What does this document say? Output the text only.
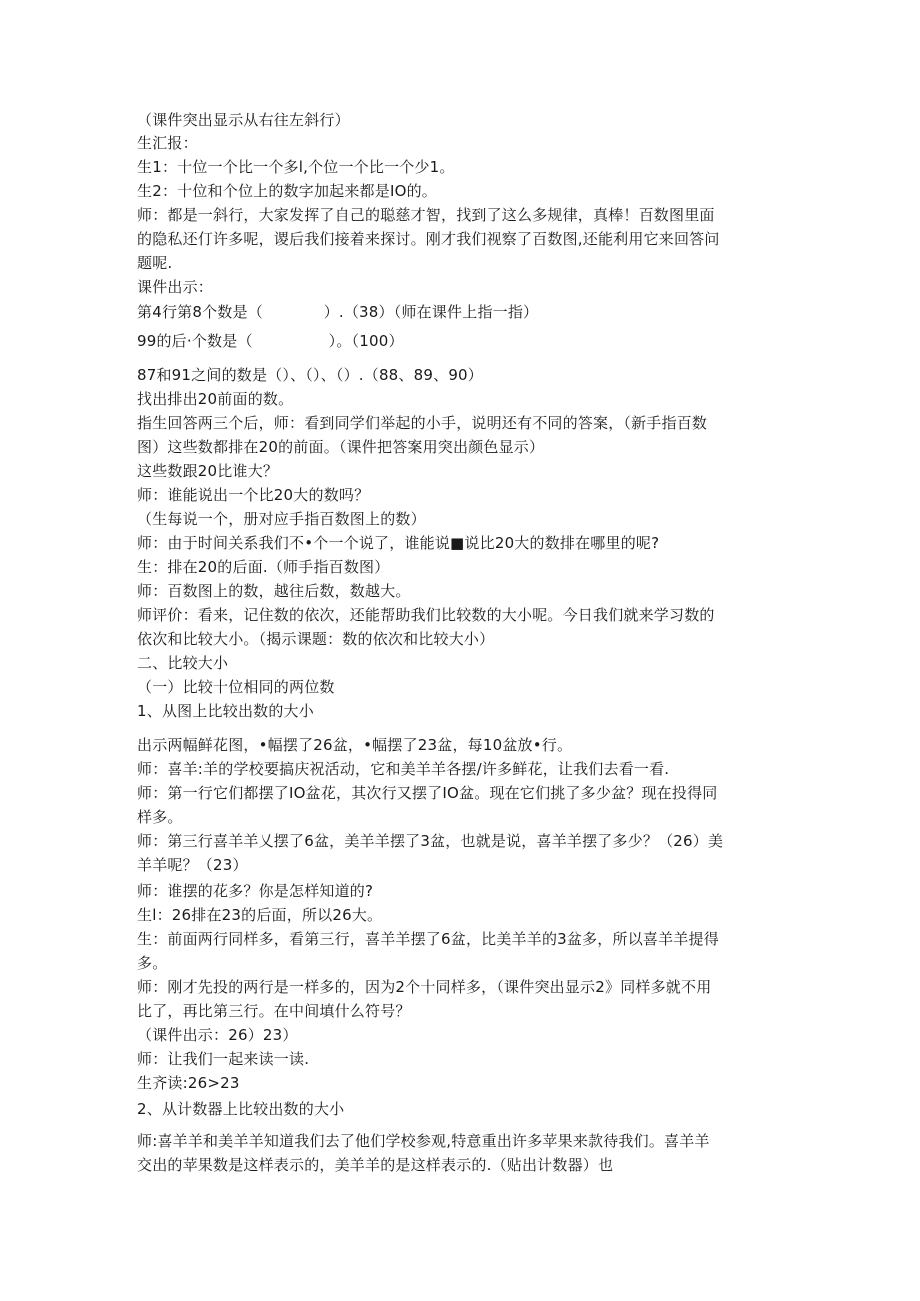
（课件突出显示从右往左斜行）
生汇报：
生1：十位一个比一个多l,个位一个比一个少1。
生2：十位和个位上的数字加起来都是IO的。
师：都是一斜行，大家发挥了自己的聪慈才智，找到了这么多规律，真棒！百数图里面
的隐私还仃许多呢，谡后我们接着来探讨。刚才我们视察了百数图,还能利用它来回答问
题呢.
课件出示：
第4行第8个数是（　　　　）.（38）（师在课件上指一指）
99的后·个数是（　　　　　）。（100）
87和91之间的数是（）、（）、（）.（88、89、90）
找出排出20前面的数。
指生回答两三个后，师：看到同学们举起的小手，说明还有不同的答案，（新手指百数
图）这些数都排在20的前面。（课件把答案用突出颜色显示）
这些数跟20比谁大？
师：谁能说出一个比20大的数吗？
（生每说一个，册对应手指百数图上的数）
师：由于时间关系我们不•个一个说了，谁能说■说比20大的数排在哪里的呢?
生：排在20的后面.（师手指百数图）
师：百数图上的数，越往后数，数越大。
师评价：看来，记住数的依次，还能帮助我们比较数的大小呢。今日我们就来学习数的
依次和比较大小。（揭示课题：数的依次和比较大小）
二、比较大小
（一）比较十位相同的两位数
1、从图上比较出数的大小
出示两幅鲜花图，•幅摆了26盆，•幅摆了23盆，每10盆放•行。
师：喜羊:羊的学校要搞庆祝活动，它和美羊羊各摆/许多鲜花，让我们去看一看.
师：第一行它们都摆了IO盆花，其次行又摆了IO盆。现在它们挑了多少盆？现在投得同
样多。
师：第三行喜羊羊乂摆了6盆，美羊羊摆了3盆，也就是说，喜羊羊摆了多少？（26）美
羊羊呢？（23）
师：谁摆的花多？你是怎样知道的?
生l：26排在23的后面，所以26大。
生：前面两行同样多，看第三行，喜羊羊摆了6盆，比美羊羊的3盆多，所以喜羊羊提得
多。
师：刚才先投的两行是一样多的，因为2个十同样多，（课件突出显示2》同样多就不用
比了，再比第三行。在中间填什么符号？
（课件出示：26）23）
师：让我们一起来读一读.
生齐读:26>23
2、从计数器上比较出数的大小
师:喜羊羊和美羊羊知道我们去了他们学校参观,特意重出许多苹果来款待我们。喜羊羊
交出的苹果数是这样表示的，美羊羊的是这样表示的.（贴出计数器）也
